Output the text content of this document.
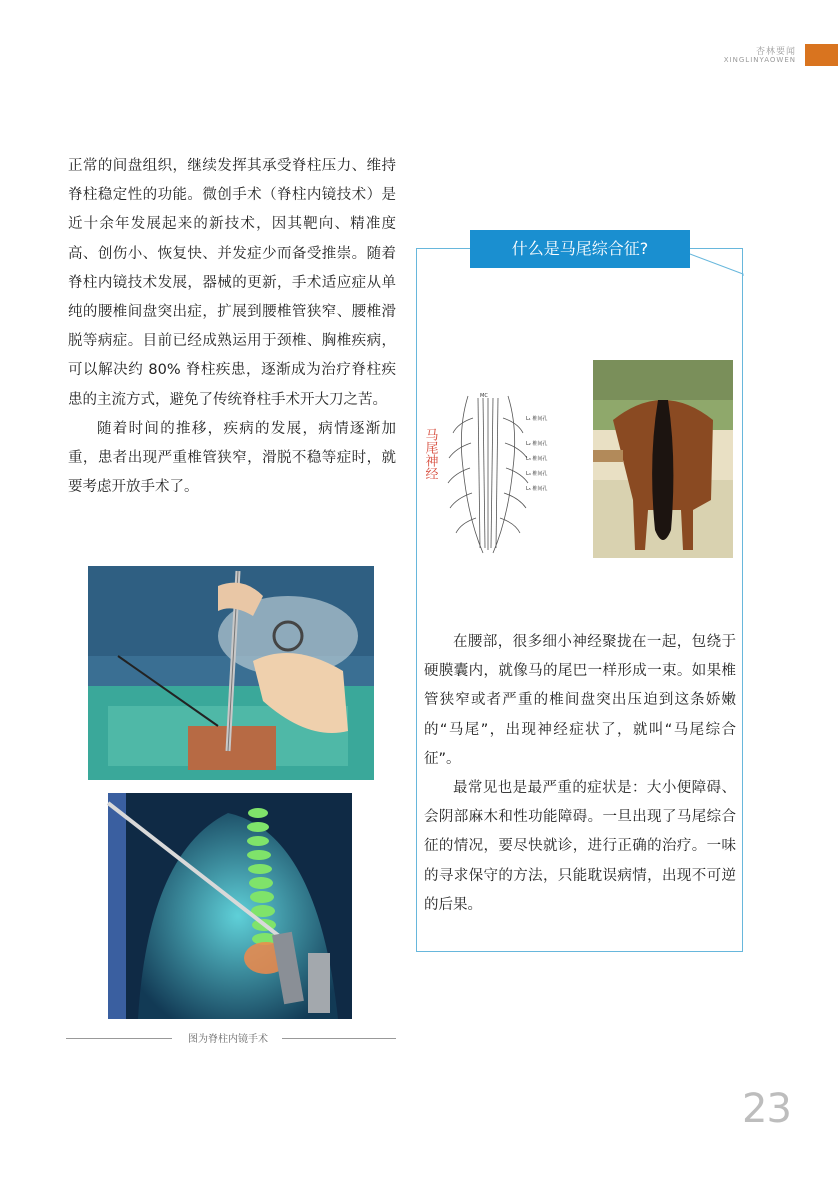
杏林要闻
XINGLINYAOWEN

正常的间盘组织，继续发挥其承受脊柱压力、维持脊柱稳定性的功能。微创手术（脊柱内镜技术）是近十余年发展起来的新技术，因其靶向、精准度高、创伤小、恢复快、并发症少而备受推崇。随着脊柱内镜技术发展，器械的更新，手术适应症从单纯的腰椎间盘突出症，扩展到腰椎管狭窄、腰椎滑脱等病症。目前已经成熟运用于颈椎、胸椎疾病，可以解决约 80% 脊柱疾患，逐渐成为治疗脊柱疾患的主流方式，避免了传统脊柱手术开大刀之苦。

随着时间的推移，疾病的发展，病情逐渐加重，患者出现严重椎管狭窄，滑脱不稳等症时，就要考虑开放手术了。

图为脊柱内镜手术
什么是马尾综合征?
马尾神经
MC
L₁ 椎间孔
L₂ 椎间孔
L₃ 椎间孔
L₄ 椎间孔
L₅ 椎间孔

在腰部，很多细小神经聚拢在一起，包绕于硬膜囊内，就像马的尾巴一样形成一束。如果椎管狭窄或者严重的椎间盘突出压迫到这条娇嫩的“马尾”，出现神经症状了，就叫“马尾综合征”。

最常见也是最严重的症状是：大小便障碍、会阴部麻木和性功能障碍。一旦出现了马尾综合征的情况，要尽快就诊，进行正确的治疗。一味的寻求保守的方法，只能耽误病情，出现不可逆的后果。

23
